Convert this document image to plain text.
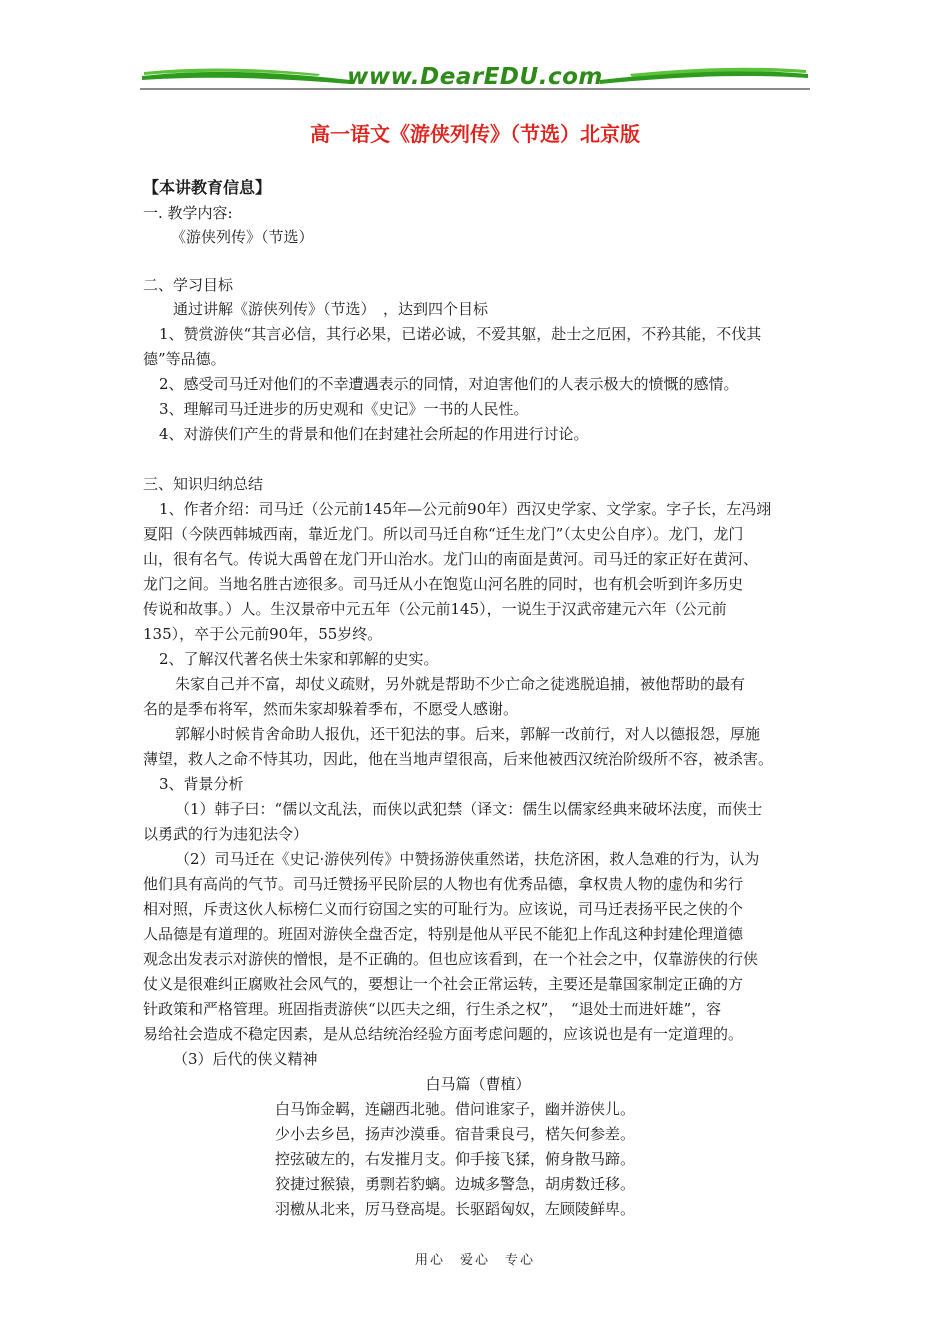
www.DearEDU.com
高一语文《游侠列传》（节选）北京版
【本讲教育信息】
一. 教学内容:
《游侠列传》（节选）
二、学习目标
通过讲解《游侠列传》（节选）　，达到四个目标
1、赞赏游侠“其言必信，其行必果，已诺必诚，不爱其躯，赴士之厄困，不矜其能，不伐其
德”等品德。
2、感受司马迁对他们的不幸遭遇表示的同情，对迫害他们的人表示极大的愤慨的感情。
3、理解司马迁进步的历史观和《史记》一书的人民性。
4、对游侠们产生的背景和他们在封建社会所起的作用进行讨论。
三、知识归纳总结
1、作者介绍：司马迁（公元前145年—公元前90年）西汉史学家、文学家。字子长，左冯翊
夏阳（今陕西韩城西南，靠近龙门。所以司马迁自称“迁生龙门”（太史公自序）。龙门，龙门
山，很有名气。传说大禹曾在龙门开山治水。龙门山的南面是黄河。司马迁的家正好在黄河、
龙门之间。当地名胜古迹很多。司马迁从小在饱览山河名胜的同时，也有机会听到许多历史
传说和故事。）人。生汉景帝中元五年（公元前145），一说生于汉武帝建元六年（公元前
135），卒于公元前90年，55岁终。
2、了解汉代著名侠士朱家和郭解的史实。
朱家自己并不富，却仗义疏财，另外就是帮助不少亡命之徒逃脱追捕，被他帮助的最有
名的是季布将军，然而朱家却躲着季布，不愿受人感谢。
郭解小时候肯舍命助人报仇，还干犯法的事。后来，郭解一改前行，对人以德报怨，厚施
薄望，救人之命不恃其功，因此，他在当地声望很高，后来他被西汉统治阶级所不容，被杀害。
3、背景分析
（1）韩子曰：“儒以文乱法，而侠以武犯禁（译文：儒生以儒家经典来破坏法度，而侠士
以勇武的行为违犯法令）
（2）司马迁在《史记·游侠列传》中赞扬游侠重然诺，扶危济困，救人急难的行为，认为
他们具有高尚的气节。司马迁赞扬平民阶层的人物也有优秀品德，拿权贵人物的虚伪和劣行
相对照，斥责这伙人标榜仁义而行窃国之实的可耻行为。应该说，司马迁表扬平民之侠的个
人品德是有道理的。班固对游侠全盘否定，特别是他从平民不能犯上作乱这种封建伦理道德
观念出发表示对游侠的憎恨，是不正确的。但也应该看到，在一个社会之中，仅靠游侠的行侠
仗义是很难纠正腐败社会风气的，要想让一个社会正常运转，主要还是靠国家制定正确的方
针政策和严格管理。班固指责游侠“以匹夫之细，行生杀之权”，　“退处士而进奸雄”，容
易给社会造成不稳定因素，是从总结统治经验方面考虑问题的，应该说也是有一定道理的。
（3）后代的侠义精神
白马篇（曹植）
白马饰金羁，连翩西北驰。借问谁家子，幽并游侠儿。
少小去乡邑，扬声沙漠垂。宿昔秉良弓，楛矢何参差。
控弦破左的，右发摧月支。仰手接飞猱，俯身散马蹄。
狡捷过猴猿，勇剽若豹螭。边城多警急，胡虏数迁移。
羽檄从北来，厉马登高堤。长驱蹈匈奴，左顾陵鲜卑。
用心　爱心　专心
